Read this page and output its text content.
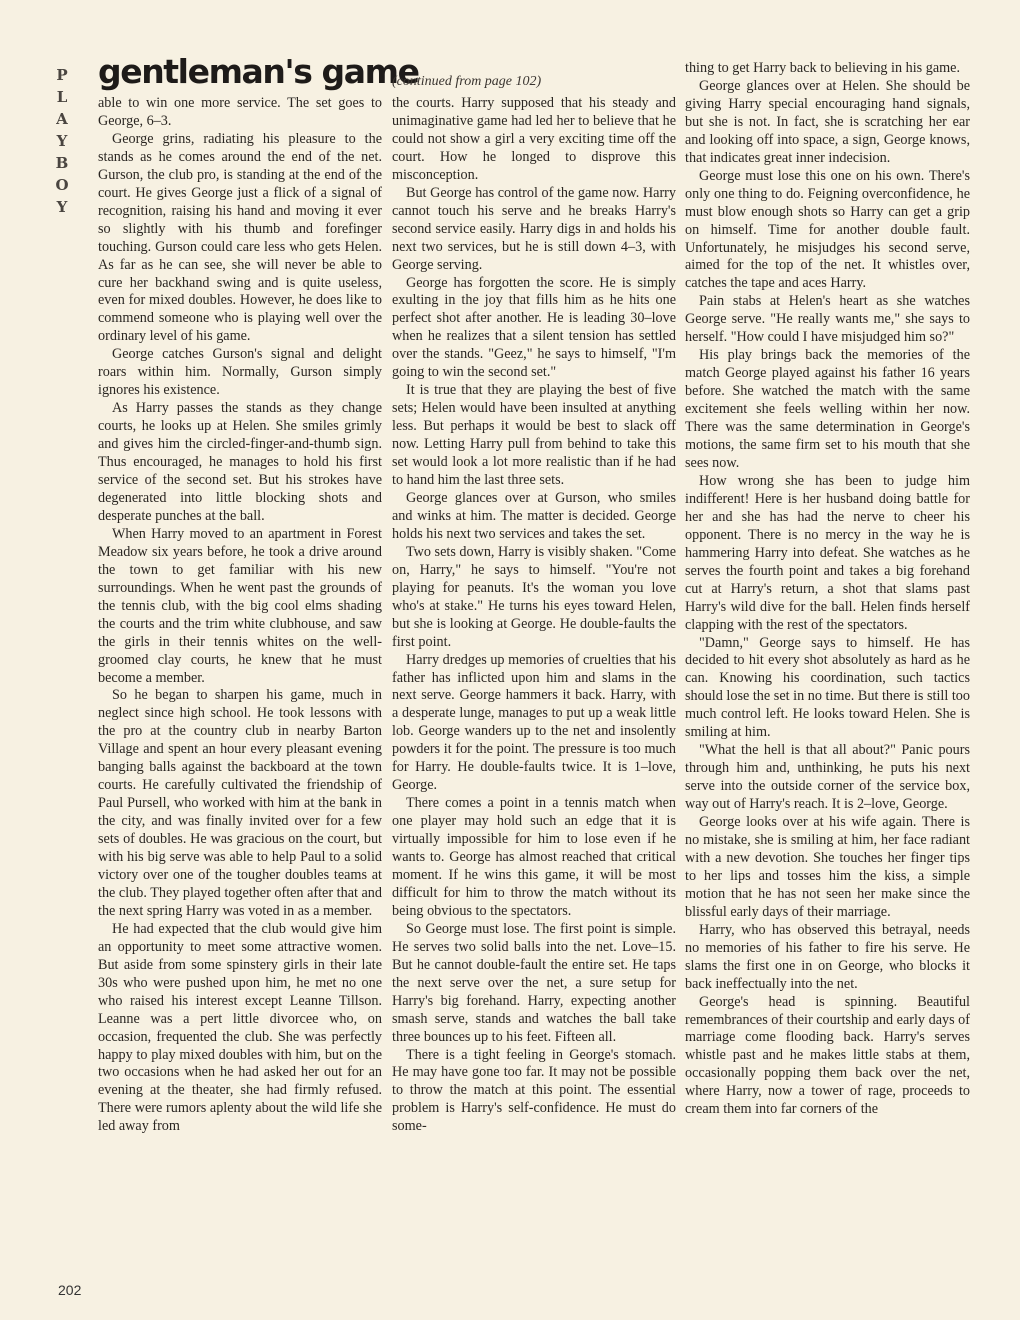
P
L
A
Y
B
O
Y
gentleman's game
(continued from page 102)

able to win one more service. The set goes to George, 6–3.

George grins, radiating his pleasure to the stands as he comes around the end of the net. Gurson, the club pro, is standing at the end of the court. He gives George just a flick of a signal of recognition, raising his hand and moving it ever so slightly with his thumb and forefinger touching. Gurson could care less who gets Helen. As far as he can see, she will never be able to cure her backhand swing and is quite useless, even for mixed doubles. However, he does like to commend someone who is playing well over the ordinary level of his game.

George catches Gurson's signal and delight roars within him. Normally, Gurson simply ignores his existence.

As Harry passes the stands as they change courts, he looks up at Helen. She smiles grimly and gives him the circled-finger-and-thumb sign. Thus encouraged, he manages to hold his first service of the second set. But his strokes have degenerated into little blocking shots and desperate punches at the ball.

When Harry moved to an apartment in Forest Meadow six years before, he took a drive around the town to get familiar with his new surroundings. When he went past the grounds of the tennis club, with the big cool elms shading the courts and the trim white clubhouse, and saw the girls in their tennis whites on the well-groomed clay courts, he knew that he must become a member.

So he began to sharpen his game, much in neglect since high school. He took lessons with the pro at the country club in nearby Barton Village and spent an hour every pleasant evening banging balls against the backboard at the town courts. He carefully cultivated the friendship of Paul Pursell, who worked with him at the bank in the city, and was finally invited over for a few sets of doubles. He was gracious on the court, but with his big serve was able to help Paul to a solid victory over one of the tougher doubles teams at the club. They played together often after that and the next spring Harry was voted in as a member.

He had expected that the club would give him an opportunity to meet some attractive women. But aside from some spinstery girls in their late 30s who were pushed upon him, he met no one who raised his interest except Leanne Tillson. Leanne was a pert little divorcee who, on occasion, frequented the club. She was perfectly happy to play mixed doubles with him, but on the two occasions when he had asked her out for an evening at the theater, she had firmly refused. There were rumors aplenty about the wild life she led away from

the courts. Harry supposed that his steady and unimaginative game had led her to believe that he could not show a girl a very exciting time off the court. How he longed to disprove this misconception.

But George has control of the game now. Harry cannot touch his serve and he breaks Harry's second service easily. Harry digs in and holds his next two services, but he is still down 4–3, with George serving.

George has forgotten the score. He is simply exulting in the joy that fills him as he hits one perfect shot after another. He is leading 30–love when he realizes that a silent tension has settled over the stands. "Geez," he says to himself, "I'm going to win the second set."

It is true that they are playing the best of five sets; Helen would have been insulted at anything less. But perhaps it would be best to slack off now. Letting Harry pull from behind to take this set would look a lot more realistic than if he had to hand him the last three sets.

George glances over at Gurson, who smiles and winks at him. The matter is decided. George holds his next two services and takes the set.

Two sets down, Harry is visibly shaken. "Come on, Harry," he says to himself. "You're not playing for peanuts. It's the woman you love who's at stake." He turns his eyes toward Helen, but she is looking at George. He double-faults the first point.

Harry dredges up memories of cruelties that his father has inflicted upon him and slams in the next serve. George hammers it back. Harry, with a desperate lunge, manages to put up a weak little lob. George wanders up to the net and insolently powders it for the point. The pressure is too much for Harry. He double-faults twice. It is 1–love, George.

There comes a point in a tennis match when one player may hold such an edge that it is virtually impossible for him to lose even if he wants to. George has almost reached that critical moment. If he wins this game, it will be most difficult for him to throw the match without its being obvious to the spectators.

So George must lose. The first point is simple. He serves two solid balls into the net. Love–15. But he cannot double-fault the entire set. He taps the next serve over the net, a sure setup for Harry's big forehand. Harry, expecting another smash serve, stands and watches the ball take three bounces up to his feet. Fifteen all.

There is a tight feeling in George's stomach. He may have gone too far. It may not be possible to throw the match at this point. The essential problem is Harry's self-confidence. He must do some-

thing to get Harry back to believing in his game.

George glances over at Helen. She should be giving Harry special encouraging hand signals, but she is not. In fact, she is scratching her ear and looking off into space, a sign, George knows, that indicates great inner indecision.

George must lose this one on his own. There's only one thing to do. Feigning overconfidence, he must blow enough shots so Harry can get a grip on himself. Time for another double fault. Unfortunately, he misjudges his second serve, aimed for the top of the net. It whistles over, catches the tape and aces Harry.

Pain stabs at Helen's heart as she watches George serve. "He really wants me," she says to herself. "How could I have misjudged him so?"

His play brings back the memories of the match George played against his father 16 years before. She watched the match with the same excitement she feels welling within her now. There was the same determination in George's motions, the same firm set to his mouth that she sees now.

How wrong she has been to judge him indifferent! Here is her husband doing battle for her and she has had the nerve to cheer his opponent. There is no mercy in the way he is hammering Harry into defeat. She watches as he serves the fourth point and takes a big forehand cut at Harry's return, a shot that slams past Harry's wild dive for the ball. Helen finds herself clapping with the rest of the spectators.

"Damn," George says to himself. He has decided to hit every shot absolutely as hard as he can. Knowing his coordination, such tactics should lose the set in no time. But there is still too much control left. He looks toward Helen. She is smiling at him.

"What the hell is that all about?" Panic pours through him and, unthinking, he puts his next serve into the outside corner of the service box, way out of Harry's reach. It is 2–love, George.

George looks over at his wife again. There is no mistake, she is smiling at him, her face radiant with a new devotion. She touches her finger tips to her lips and tosses him the kiss, a simple motion that he has not seen her make since the blissful early days of their marriage.

Harry, who has observed this betrayal, needs no memories of his father to fire his serve. He slams the first one in on George, who blocks it back ineffectually into the net.

George's head is spinning. Beautiful remembrances of their courtship and early days of marriage come flooding back. Harry's serves whistle past and he makes little stabs at them, occasionally popping them back over the net, where Harry, now a tower of rage, proceeds to cream them into far corners of the

202
